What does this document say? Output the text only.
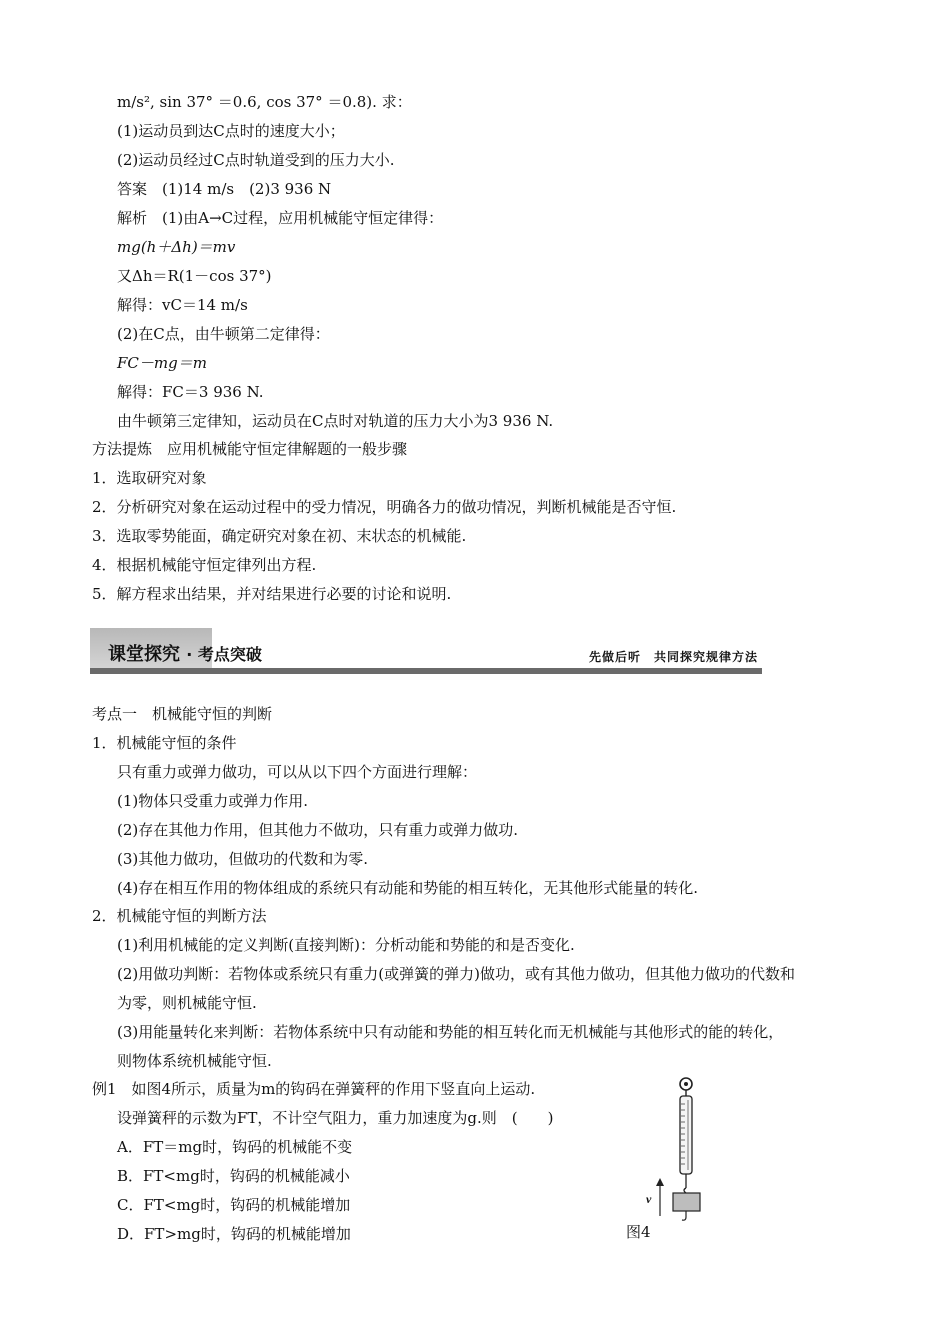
m/s², sin 37° ＝0.6, cos 37° ＝0.8). 求：
(1)运动员到达C点时的速度大小；
(2)运动员经过C点时轨道受到的压力大小.
答案　(1)14 m/s　(2)3 936 N
解析　(1)由A→C过程，应用机械能守恒定律得：
mg(h＋Δh)＝mv
又Δh＝R(1－cos 37°)
解得：vC＝14 m/s
(2)在C点，由牛顿第二定律得：
FC－mg＝m
解得：FC＝3 936 N.
由牛顿第三定律知，运动员在C点时对轨道的压力大小为3 936 N.
方法提炼　应用机械能守恒定律解题的一般步骤
1．选取研究对象
2．分析研究对象在运动过程中的受力情况，明确各力的做功情况，判断机械能是否守恒.
3．选取零势能面，确定研究对象在初、末状态的机械能.
4．根据机械能守恒定律列出方程.
5．解方程求出结果，并对结果进行必要的讨论和说明.
课堂探究 · 考点突破	先做后听　共同探究规律方法
考点一　机械能守恒的判断
1．机械能守恒的条件
只有重力或弹力做功，可以从以下四个方面进行理解：
(1)物体只受重力或弹力作用.
(2)存在其他力作用，但其他力不做功，只有重力或弹力做功.
(3)其他力做功，但做功的代数和为零.
(4)存在相互作用的物体组成的系统只有动能和势能的相互转化，无其他形式能量的转化.
2．机械能守恒的判断方法
(1)利用机械能的定义判断(直接判断)：分析动能和势能的和是否变化.
(2)用做功判断：若物体或系统只有重力(或弹簧的弹力)做功，或有其他力做功，但其他力做功的代数和
为零，则机械能守恒.
(3)用能量转化来判断：若物体系统中只有动能和势能的相互转化而无机械能与其他形式的能的转化，
则物体系统机械能守恒.
例1　如图4所示，质量为m的钩码在弹簧秤的作用下竖直向上运动.
设弹簧秤的示数为FT，不计空气阻力，重力加速度为g.则　(　　)
A．FT＝mg时，钩码的机械能不变
B．FT<mg时，钩码的机械能减小
C．FT<mg时，钩码的机械能增加
D．FT>mg时，钩码的机械能增加
v
图4
